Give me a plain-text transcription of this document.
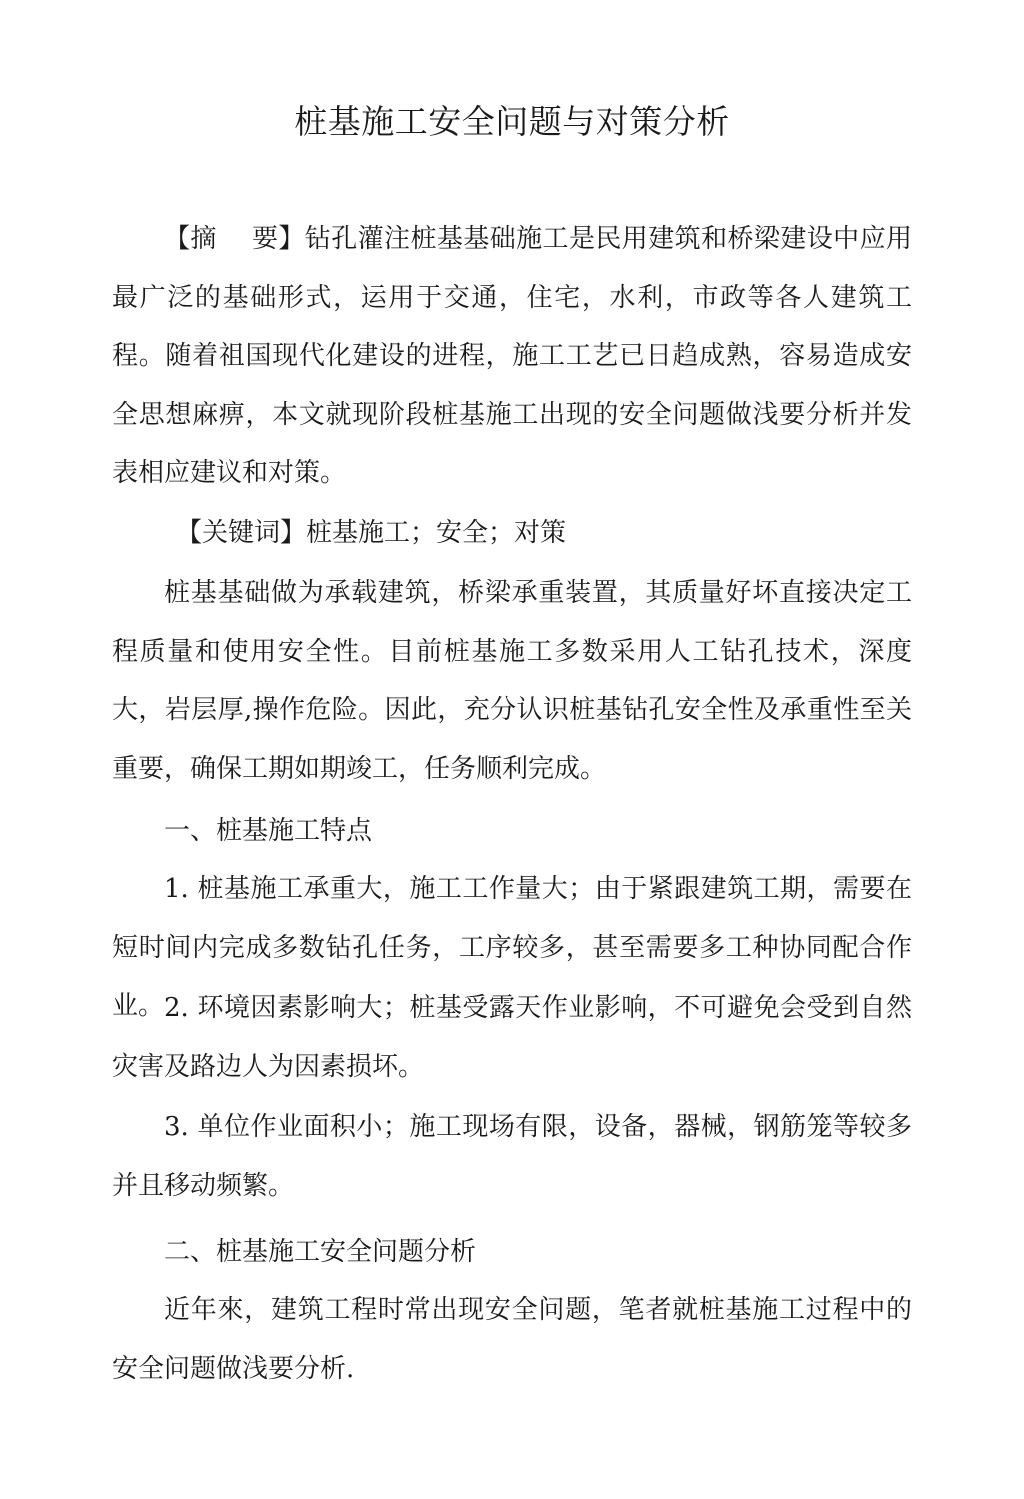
桩基施工安全问题与对策分析

【摘　 要】钻孔灌注桩基基础施工是民用建筑和桥梁建设中应用最广泛的基础形式，运用于交通，住宅，水利，市政等各人建筑工程。随着祖国现代化建设的进程，施工工艺已日趋成熟，容易造成安全思想麻痹，本文就现阶段桩基施工出现的安全问题做浅要分析并发表相应建议和对策。

【关键词】桩基施工；安全；对策

桩基基础做为承载建筑，桥梁承重装置，其质量好坏直接决定工程质量和使用安全性。目前桩基施工多数采用人工钻孔技术，深度大，岩层厚,操作危险。因此，充分认识桩基钻孔安全性及承重性至关重要，确保工期如期竣工，任务顺利完成。

一、桩基施工特点

1. 桩基施工承重大，施工工作量大；由于紧跟建筑工期，需要在短时间内完成多数钻孔任务，工序较多，甚至需要多工种协同配合作业。 2. 环境因素影响大；桩基受露天作业影响，不可避免会受到自然灾害及路边人为因素损坏。

3. 单位作业面积小；施工现场有限，设备，器械，钢筋笼等较多并且移动频繁。

二、桩基施工安全问题分析

近年來，建筑工程时常出现安全问题，笔者就桩基施工过程中的安全问题做浅要分析.
